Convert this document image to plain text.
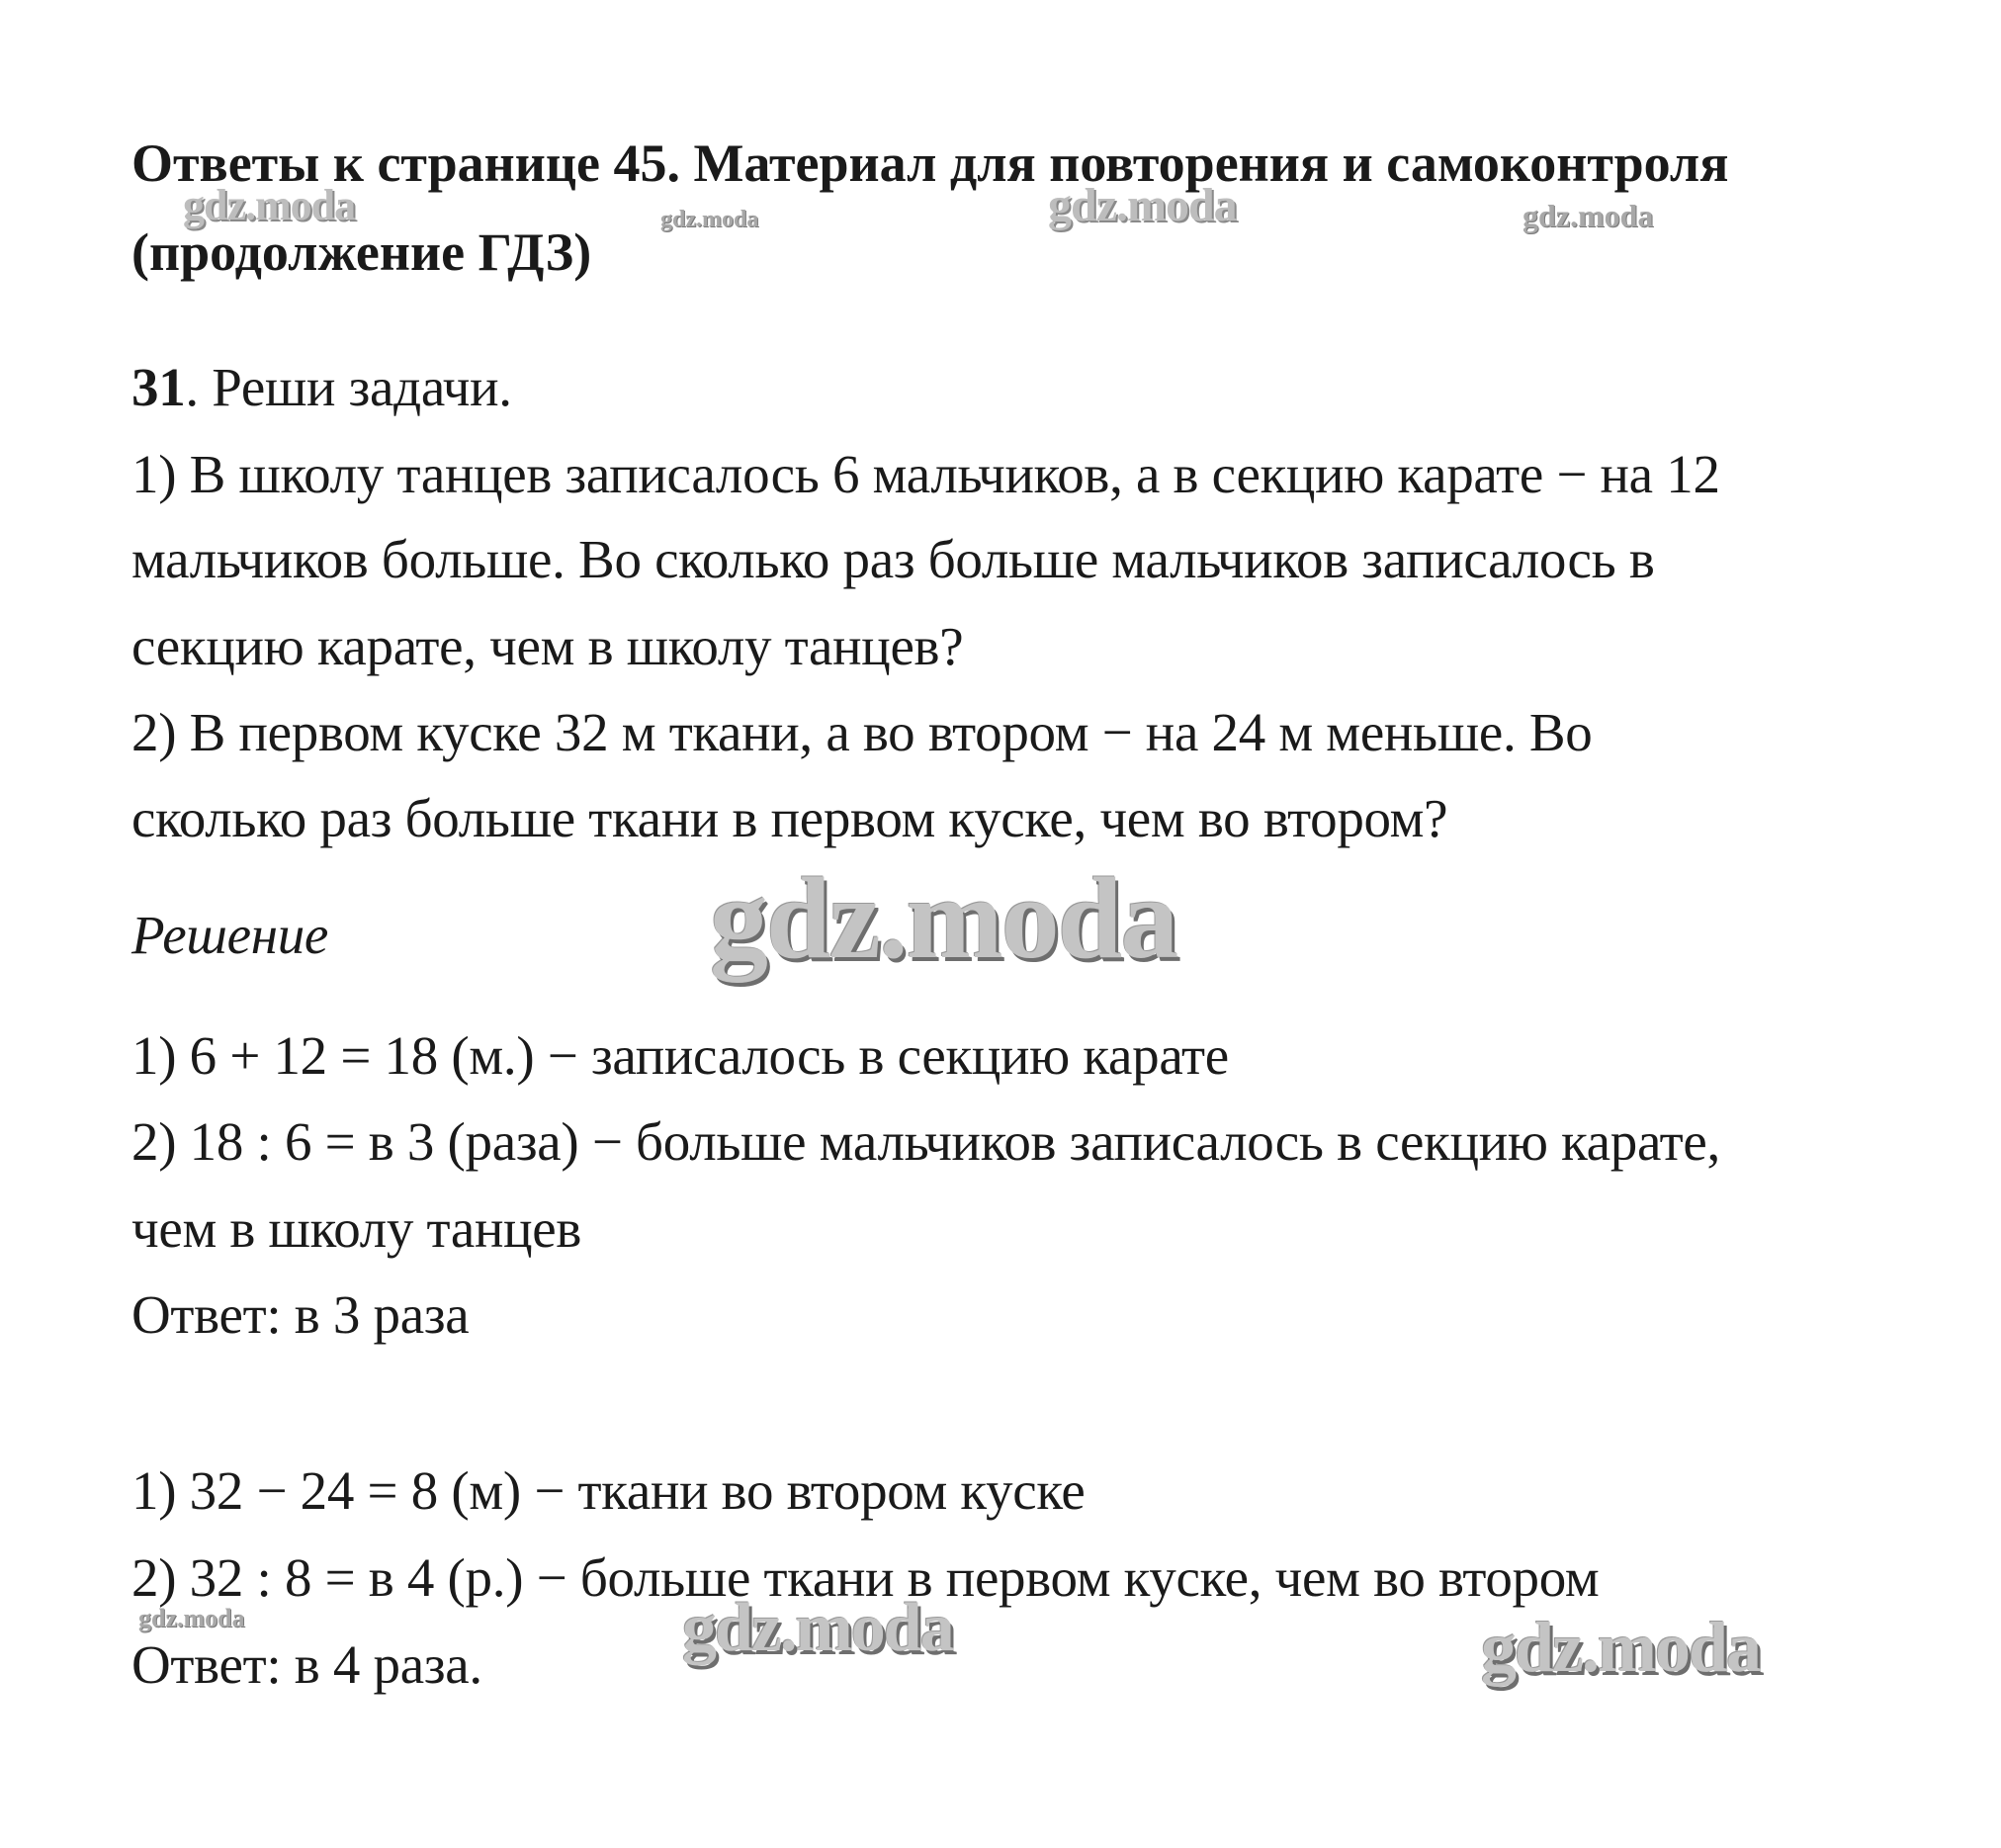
Ответы к странице 45. Материал для повторения и самоконтроля
(продолжение ГДЗ)
31. Реши задачи.
1) В школу танцев записалось 6 мальчиков, а в секцию карате − на 12
мальчиков больше. Во сколько раз больше мальчиков записалось в
секцию карате, чем в школу танцев?
2) В первом куске 32 м ткани, а во втором − на 24 м меньше. Во
сколько раз больше ткани в первом куске, чем во втором?
Решение
1) 6 + 12 = 18 (м.) − записалось в секцию карате
2) 18 : 6 = в 3 (раза) − больше мальчиков записалось в секцию карате,
чем в школу танцев
Ответ: в 3 раза
1) 32 − 24 = 8 (м) − ткани во втором куске
2) 32 : 8 = в 4 (р.) − больше ткани в первом куске, чем во втором
Ответ: в 4 раза.
gdz.moda	gdz.moda	gdz.moda	gdz.moda
gdz.moda
gdz.moda	gdz.moda	gdz.moda
